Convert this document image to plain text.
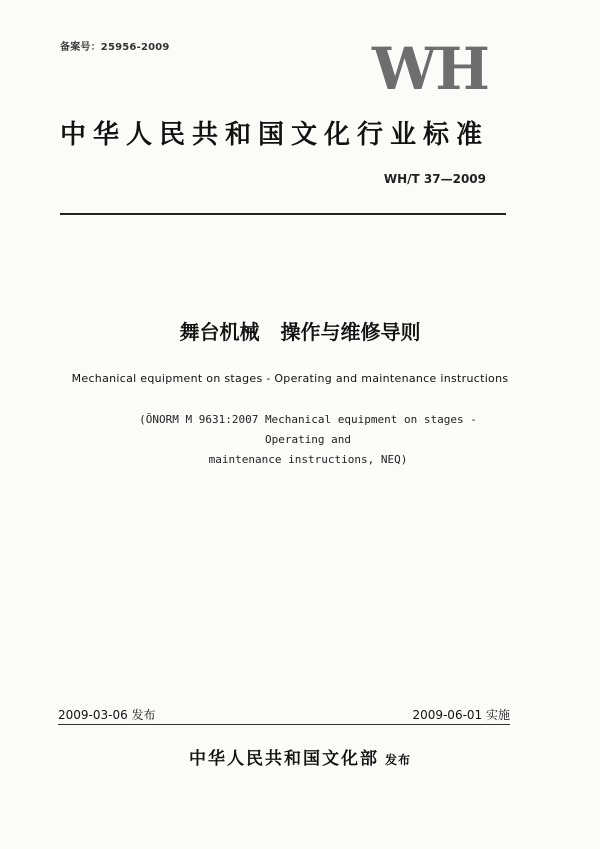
备案号：25956-2009	WH
中华人民共和国文化行业标准
WH/T 37—2009
舞台机械 操作与维修导则
Mechanical equipment on stages - Operating and maintenance instructions
(ÖNORM M 9631:2007 Mechanical equipment on stages - Operating and
maintenance instructions, NEQ)
2009-03-06 发布	2009-06-01 实施
中华人民共和国文化部 发布
